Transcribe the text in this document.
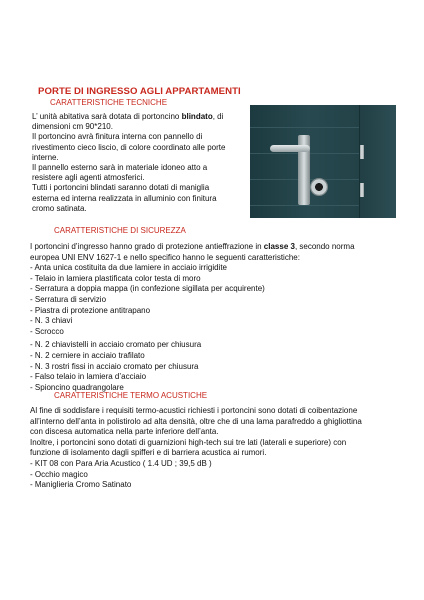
PORTE DI INGRESSO AGLI APPARTAMENTI
CARATTERISTICHE TECNICHE

L’ unità abitativa sarà dotata di portoncino blindato, di

dimensioni cm 90*210.

Il portoncino avrà finitura interna con pannello di

rivestimento cieco liscio, di colore coordinato alle porte

interne.

Il pannello esterno sarà in materiale idoneo atto a

resistere agli agenti atmosferici.

Tutti i portoncini blindati saranno dotati di maniglia

esterna ed interna realizzata in alluminio con finitura

cromo satinata.

CARATTERISTICHE DI SICUREZZA

I portoncini d’ingresso hanno grado di protezione antieffrazione in classe 3, secondo norma

europea UNI ENV 1627-1 e nello specifico hanno le seguenti caratteristiche:

- Anta unica costituita da due lamiere in acciaio irrigidite
- Telaio in lamiera plastificata color testa di moro
- Serratura a doppia mappa (in confezione sigillata per acquirente)
- Serratura di servizio
- Piastra di protezione antitrapano
- N. 3 chiavi
- Scrocco
- N. 2 chiavistelli in acciaio cromato per chiusura
- N. 2 cerniere in acciaio trafilato
- N. 3 rostri fissi in acciaio cromato per chiusura
- Falso telaio in lamiera d’acciaio
- Spioncino quadrangolare
CARATTERISTICHE TERMO ACUSTICHE

Al fine di soddisfare i requisiti termo-acustici richiesti i portoncini sono dotati di coibentazione

all’interno dell’anta in polistirolo ad alta densità, oltre che di una lama parafreddo a ghigliottina

con discesa automatica nella parte inferiore dell’anta.

Inoltre, i portoncini sono dotati di guarnizioni high-tech sui tre lati (laterali e superiore) con

funzione di isolamento dagli spifferi e di barriera acustica ai rumori.

- KIT 08 con Para Aria Acustico ( 1.4 UD ; 39,5 dB )
- Occhio magico
- Maniglieria Cromo Satinato
